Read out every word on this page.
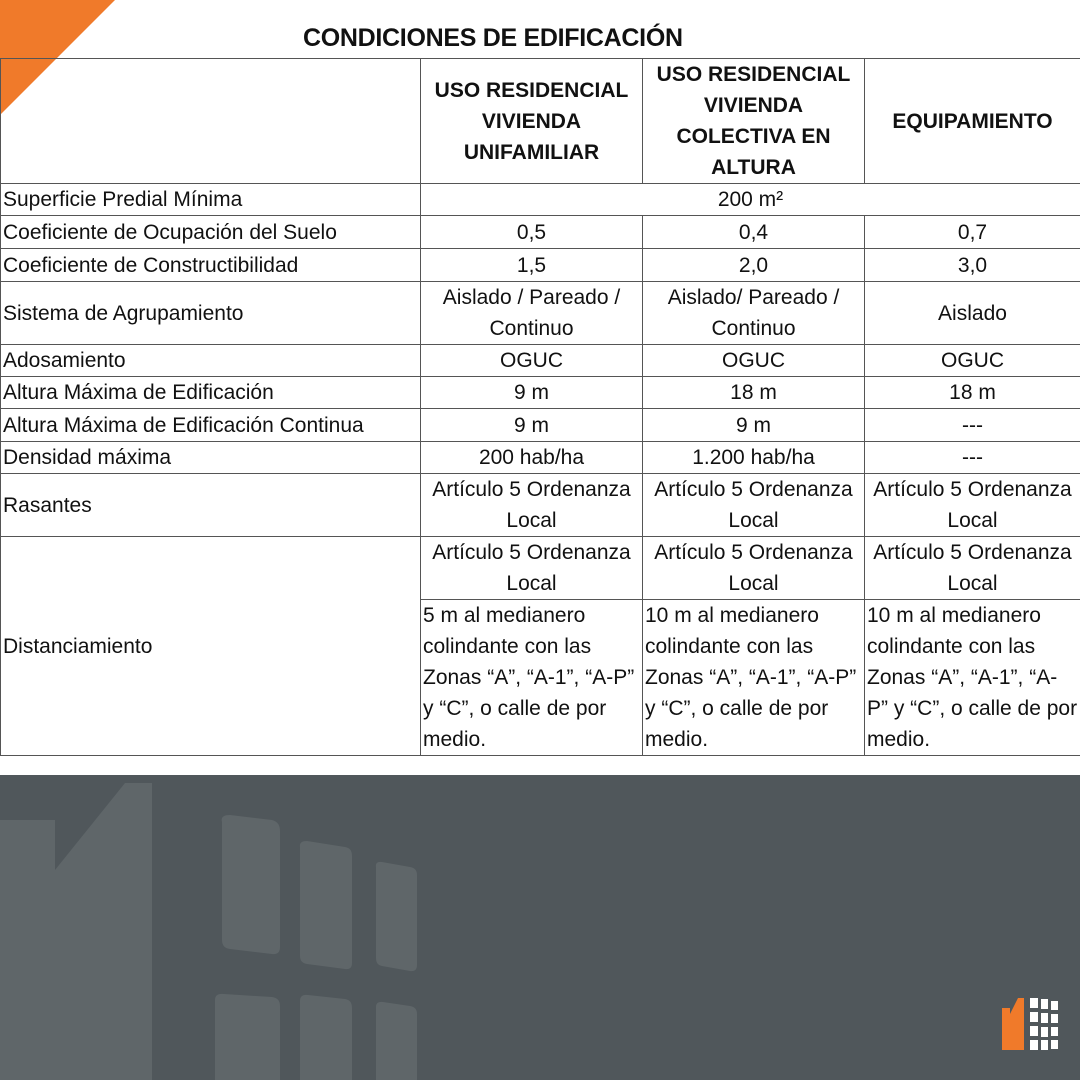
CONDICIONES DE EDIFICACIÓN
	USO RESIDENCIAL VIVIENDA UNIFAMILIAR	USO RESIDENCIAL VIVIENDA COLECTIVA EN ALTURA	EQUIPAMIENTO
Superficie Predial Mínima	200 m²		
Coeficiente de Ocupación del Suelo	0,5	0,4	0,7
Coeficiente de Constructibilidad	1,5	2,0	3,0
Sistema de Agrupamiento	Aislado / Pareado / Continuo	Aislado/ Pareado / Continuo	Aislado
Adosamiento	OGUC	OGUC	OGUC
Altura Máxima de Edificación	9 m	18 m	18 m
Altura Máxima de Edificación Continua	9 m	9 m	---
Densidad máxima	200 hab/ha	1.200 hab/ha	---
Rasantes	Artículo 5 Ordenanza Local	Artículo 5 Ordenanza Local	Artículo 5 Ordenanza Local
Distanciamiento	Artículo 5 Ordenanza Local	Artículo 5 Ordenanza Local	Artículo 5 Ordenanza Local
	5 m al medianero colindante con las Zonas “A”, “A-1”, “A-P” y “C”, o calle de por medio.	10 m al medianero colindante con las Zonas “A”, “A-1”, “A-P” y “C”, o calle de por medio.	10 m al medianero colindante con las Zonas “A”, “A-1”, “A-P” y “C”, o calle de por medio.
